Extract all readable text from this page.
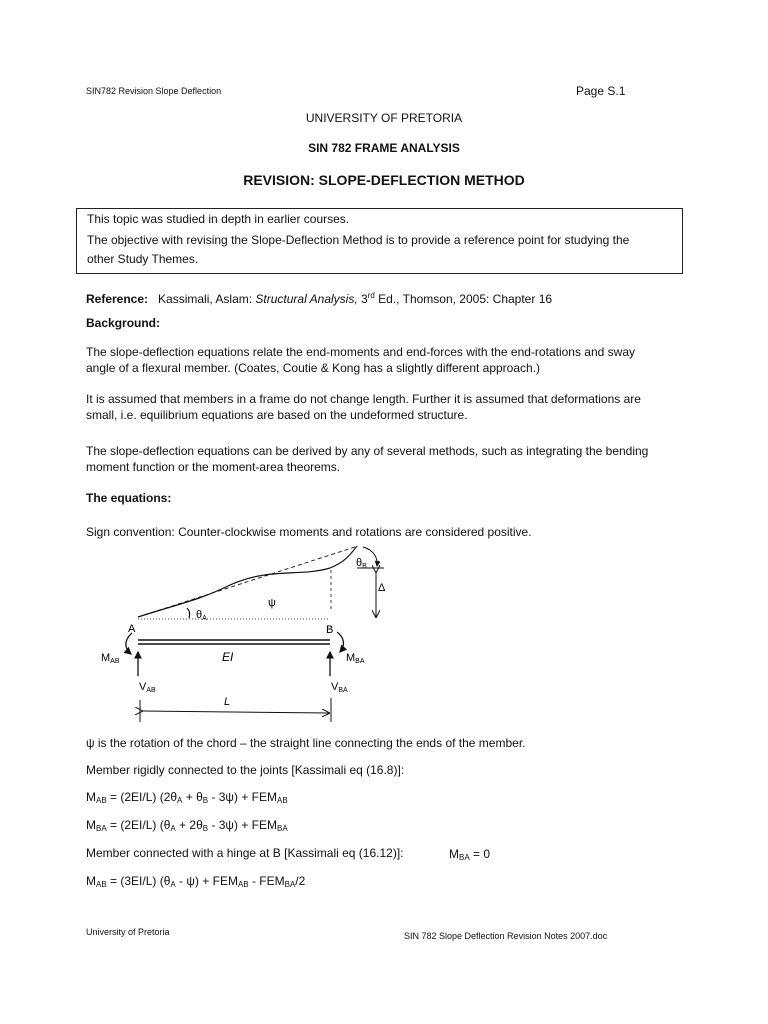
SIN782 Revision Slope Deflection	Page S.1
UNIVERSITY OF PRETORIA
SIN 782 FRAME ANALYSIS
REVISION: SLOPE-DEFLECTION METHOD
This topic was studied in depth in earlier courses.
The objective with revising the Slope-Deflection Method is to provide a reference point for studying the
other Study Themes.
Reference: Kassimali, Aslam: Structural Analysis, 3rd Ed., Thomson, 2005: Chapter 16
Background:

The slope-deflection equations relate the end-moments and end-forces with the end-rotations and sway

angle of a flexural member. (Coates, Coutie & Kong has a slightly different approach.)

It is assumed that members in a frame do not change length. Further it is assumed that deformations are

small, i.e. equilibrium equations are based on the undeformed structure.

The slope-deflection equations can be derived by any of several methods, such as integrating the bending

moment function or the moment-area theorems.

The equations:
Sign convention: Counter-clockwise moments and rotations are considered positive.
θB
Δ
ψ
θA
A	B
MAB	MBA
EI
VAB	VBA
L
ψ is the rotation of the chord – the straight line connecting the ends of the member.
Member rigidly connected to the joints [Kassimali eq (16.8)]:
$M_{AB} = (2EI/L) (2\theta_A + \theta_B - 3\psi) + FEM_{AB}$
$M_{BA} = (2EI/L) (\theta_A + 2\theta_B - 3\psi) + FEM_{BA}$
Member connected with a hinge at B [Kassimali eq (16.12)]:	$M_{BA} = 0$
$M_{AB} = (3EI/L)$ $(\theta_A - \psi) + FEM_{AB} - FEM_{BA}/2$
University of Pretoria	SIN 782 Slope Deflection Revision Notes 2007.doc
